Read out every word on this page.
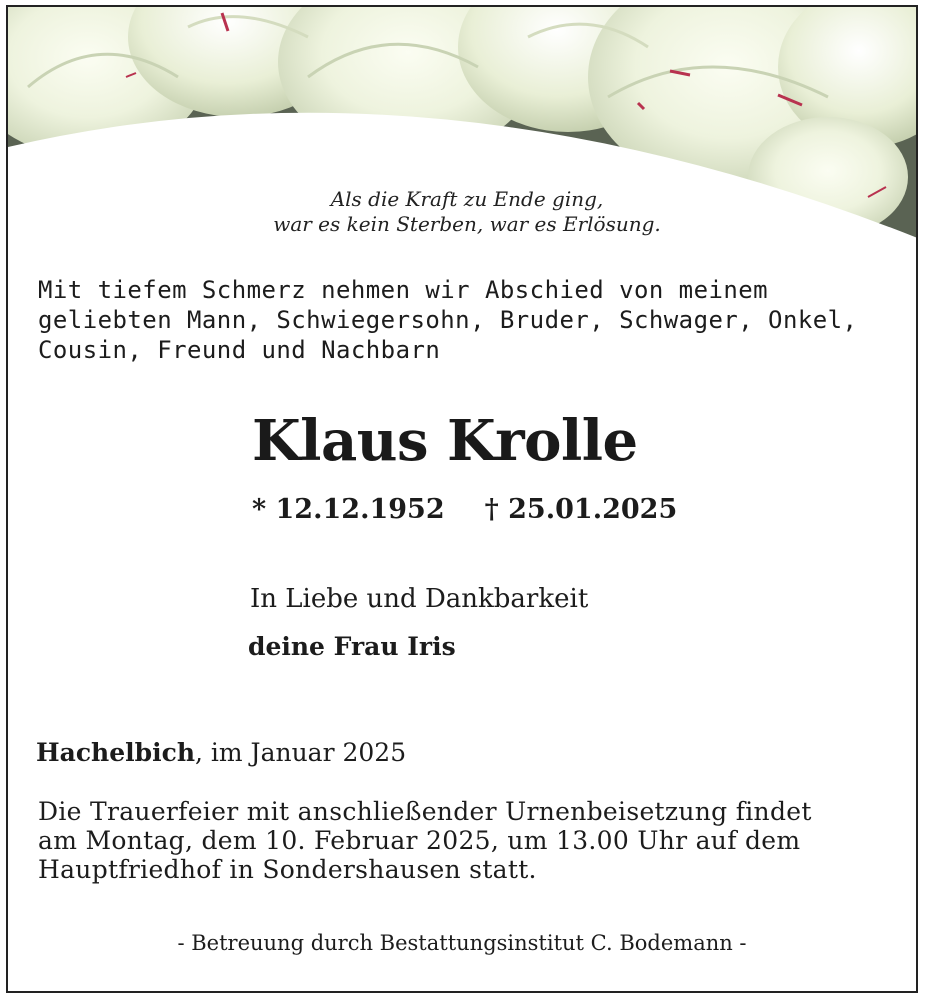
Als die Kraft zu Ende ging,
war es kein Sterben, war es Erlösung.
Mit tiefem Schmerz nehmen wir Abschied von meinem
geliebten Mann, Schwiegersohn, Bruder, Schwager, Onkel,
Cousin, Freund und Nachbarn
Klaus Krolle
* 12.12.1952 † 25.01.2025
In Liebe und Dankbarkeit
deine Frau Iris
Hachelbich, im Januar 2025
Die Trauerfeier mit anschließender Urnenbeisetzung findet
am Montag, dem 10. Februar 2025, um 13.00 Uhr auf dem
Hauptfriedhof in Sondershausen statt.
- Betreuung durch Bestattungsinstitut C. Bodemann -
